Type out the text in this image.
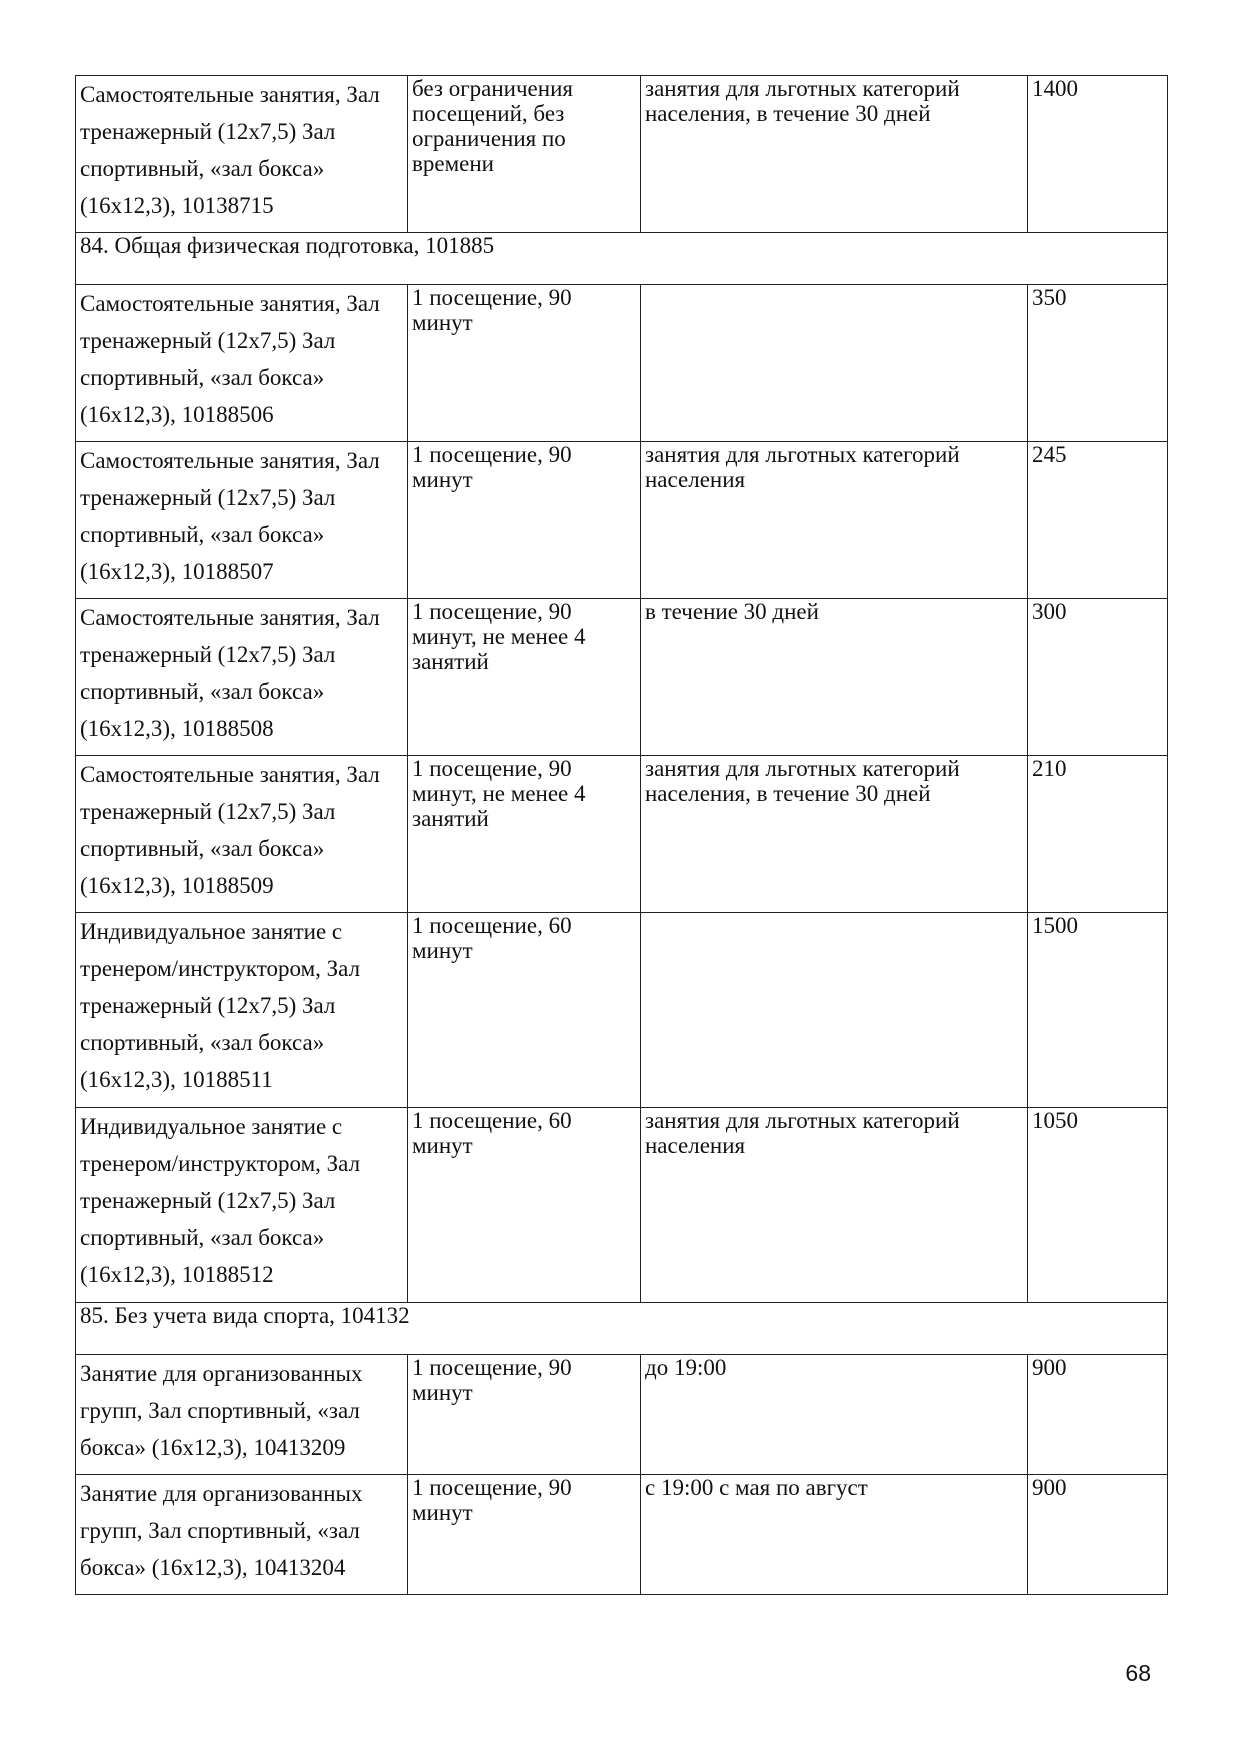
Самостоятельные занятия, Зал
тренажерный (12х7,5) Зал
спортивный, «зал бокса»
(16х12,3), 10138715	без ограничения посещений, без ограничения по времени	занятия для льготных категорий населения, в течение 30 дней	1400
84. Общая физическая подготовка, 101885			

Самостоятельные занятия, Зал
тренажерный (12х7,5) Зал
спортивный, «зал бокса»
(16х12,3), 10188506	1 посещение, 90 минут		350

Самостоятельные занятия, Зал
тренажерный (12х7,5) Зал
спортивный, «зал бокса»
(16х12,3), 10188507	1 посещение, 90 минут	занятия для льготных категорий населения	245

Самостоятельные занятия, Зал
тренажерный (12х7,5) Зал
спортивный, «зал бокса»
(16х12,3), 10188508	1 посещение, 90 минут, не менее 4 занятий	в течение 30 дней	300

Самостоятельные занятия, Зал
тренажерный (12х7,5) Зал
спортивный, «зал бокса»
(16х12,3), 10188509	1 посещение, 90 минут, не менее 4 занятий	занятия для льготных категорий населения, в течение 30 дней	210

Индивидуальное занятие с
тренером/инструктором, Зал
тренажерный (12х7,5) Зал
спортивный, «зал бокса»
(16х12,3), 10188511	1 посещение, 60 минут		1500

Индивидуальное занятие с
тренером/инструктором, Зал
тренажерный (12х7,5) Зал
спортивный, «зал бокса»
(16х12,3), 10188512	1 посещение, 60 минут	занятия для льготных категорий населения	1050
85. Без учета вида спорта, 104132			

Занятие для организованных
групп, Зал спортивный, «зал
бокса» (16х12,3), 10413209	1 посещение, 90 минут	до 19:00	900

Занятие для организованных
групп, Зал спортивный, «зал
бокса» (16х12,3), 10413204	1 посещение, 90 минут	с 19:00 с мая по август	900
68
